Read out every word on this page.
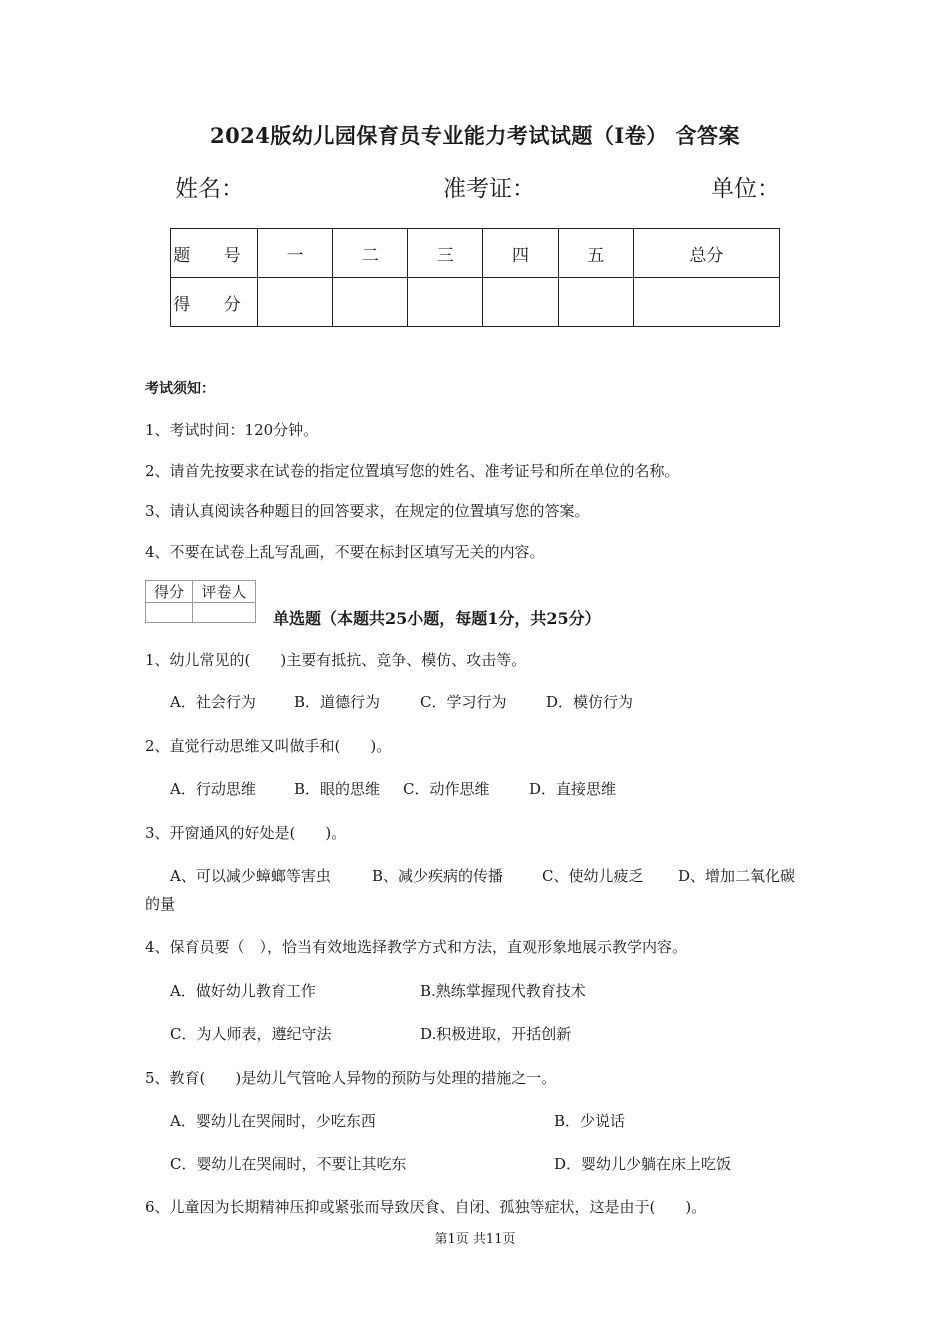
2024版幼儿园保育员专业能力考试试题（I卷） 含答案
姓名：	准考证：	单位：
题 号	一	二	三	四	五	总分
得 分						
考试须知：
1、考试时间：120分钟。
2、请首先按要求在试卷的指定位置填写您的姓名、准考证号和所在单位的名称。
3、请认真阅读各种题目的回答要求，在规定的位置填写您的答案。
4、不要在试卷上乱写乱画，不要在标封区填写无关的内容。
得分	评卷人

单选题（本题共25小题，每题1分，共25分）
1、幼儿常见的(　　)主要有抵抗、竞争、模仿、攻击等。
A．社会行为	B．道德行为	C．学习行为	D．模仿行为
2、直觉行动思维又叫做手和(　　)。
A．行动思维	B．眼的思维 C．动作思维	D．直接思维
3、开窗通风的好处是(　　)。
A、可以减少蟑螂等害虫	B、减少疾病的传播	C、使幼儿疲乏 D、增加二氧化碳
的量
4、保育员要（　），恰当有效地选择教学方式和方法，直观形象地展示教学内容。
A．做好幼儿教育工作	B.熟练掌握现代教育技术
C．为人师表，遵纪守法	D.积极进取，开括创新
5、教育(　　)是幼儿气管呛人异物的预防与处理的措施之一。
A．婴幼儿在哭闹时，少吃东西	B．少说话
C．婴幼儿在哭闹时，不要让其吃东	D．婴幼儿少躺在床上吃饭
6、儿童因为长期精神压抑或紧张而导致厌食、自闭、孤独等症状，这是由于(　　)。
第1页 共11页
